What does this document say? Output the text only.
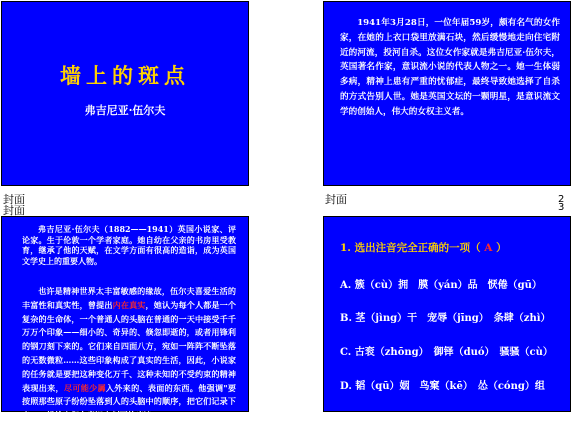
墙上的斑点
弗吉尼亚·伍尔夫
封面
1941年3月28日，一位年届59岁，颇有名气的女作家，在她的上衣口袋里放满石块，然后缓慢地走向住宅附近的河流，投河自杀。这位女作家就是弗吉尼亚·伍尔夫，英国著名作家，意识流小说的代表人物之一。她一生体弱多病，精神上患有严重的忧郁症，最终导致她选择了自杀的方式告别人世。她是英国文坛的一颗明星，是意识流文学的创始人，伟大的女权主义者。
封面	2
弗吉尼亚·伍尔夫（1882——1941）英国小说家、评论家。生于伦敦一个学者家庭。她自幼在父亲的书房里受教育，继承了他的天赋，在文学方面有很高的造诣，成为英国文学史上的重要人物。
也许是精神世界太丰富敏感的缘故，伍尔夫喜爱生活的丰富性和真实性，曾提出内在真实，她认为每个人都是一个复杂的生命体，一个普通人的头脑在普通的一天中接受千千万万个印象——细小的、奇异的、倏忽即逝的，或者用锋利的钢刀刻下来的。它们来自四面八方，宛如一阵阵不断坠落的无数微粒……这些印象构成了真实的生活，因此，小说家的任务就是要把这种变化万千、这种未知的不受约束的精神表现出来，尽可能少羼入外来的、表面的东西。他强调"要按照那些原子纷纷坠落到人的头脑中的顺序，把它们记录下来"，"描绘它们在意识中刻下的痕迹"。
封面
1. 选出注音完全正确的一项（ A ）
A. 簇（cù）拥　膜（yán）品　恹倦（gū）
B. 茎（jìng）干　宠辱（jīng）　条肆（zhì）
C. 古衮（zhōng）　御铎（duó）　骚骚（cù）
D. 韬（qū）姻　鸟窠（kē）　怂（cóng）组
3
